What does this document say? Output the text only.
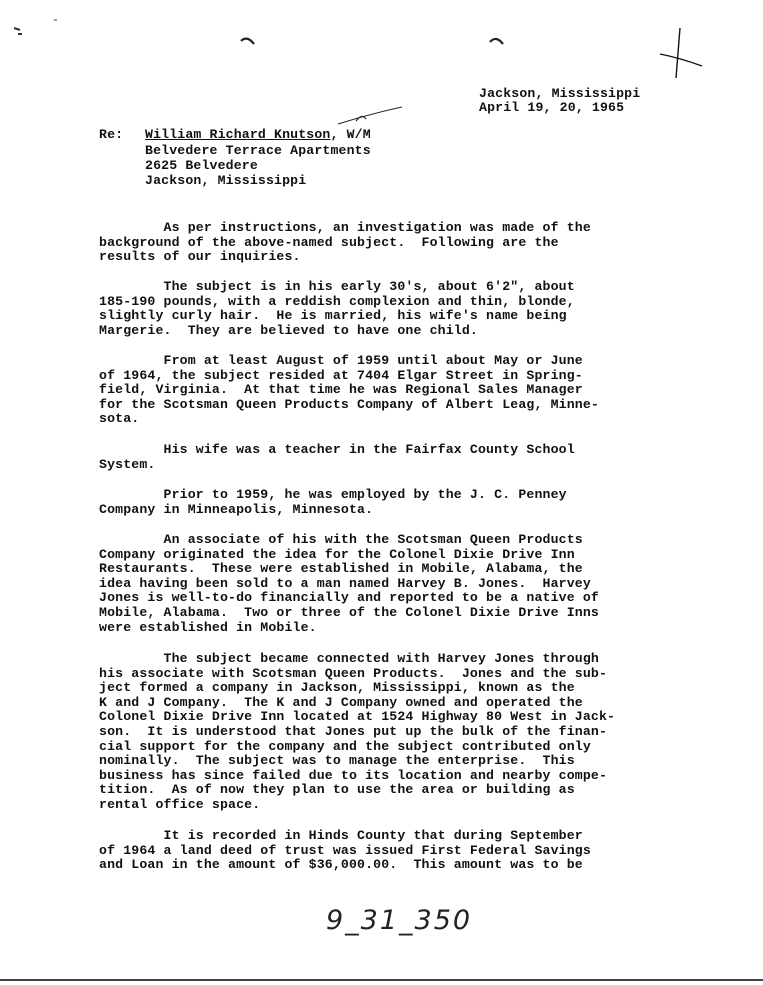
Jackson, Mississippi
April 19, 20, 1965
Re: William Richard Knutson, W/M
Belvedere Terrace Apartments
2625 Belvedere
Jackson, Mississippi
As per instructions, an investigation was made of the
background of the above-named subject.  Following are the
results of our inquiries.
The subject is in his early 30's, about 6'2", about
185-190 pounds, with a reddish complexion and thin, blonde,
slightly curly hair.  He is married, his wife's name being
Margerie.  They are believed to have one child.
From at least August of 1959 until about May or June
of 1964, the subject resided at 7404 Elgar Street in Spring-
field, Virginia.  At that time he was Regional Sales Manager
for the Scotsman Queen Products Company of Albert Leag, Minne-
sota.
His wife was a teacher in the Fairfax County School
System.
Prior to 1959, he was employed by the J. C. Penney
Company in Minneapolis, Minnesota.
An associate of his with the Scotsman Queen Products
Company originated the idea for the Colonel Dixie Drive Inn
Restaurants.  These were established in Mobile, Alabama, the
idea having been sold to a man named Harvey B. Jones.  Harvey
Jones is well-to-do financially and reported to be a native of
Mobile, Alabama.  Two or three of the Colonel Dixie Drive Inns
were established in Mobile.
The subject became connected with Harvey Jones through
his associate with Scotsman Queen Products.  Jones and the sub-
ject formed a company in Jackson, Mississippi, known as the
K and J Company.  The K and J Company owned and operated the
Colonel Dixie Drive Inn located at 1524 Highway 80 West in Jack-
son.  It is understood that Jones put up the bulk of the finan-
cial support for the company and the subject contributed only
nominally.  The subject was to manage the enterprise.  This
business has since failed due to its location and nearby compe-
tition.  As of now they plan to use the area or building as
rental office space.
It is recorded in Hinds County that during September
of 1964 a land deed of trust was issued First Federal Savings
and Loan in the amount of $36,000.00.  This amount was to be
9_31_350
